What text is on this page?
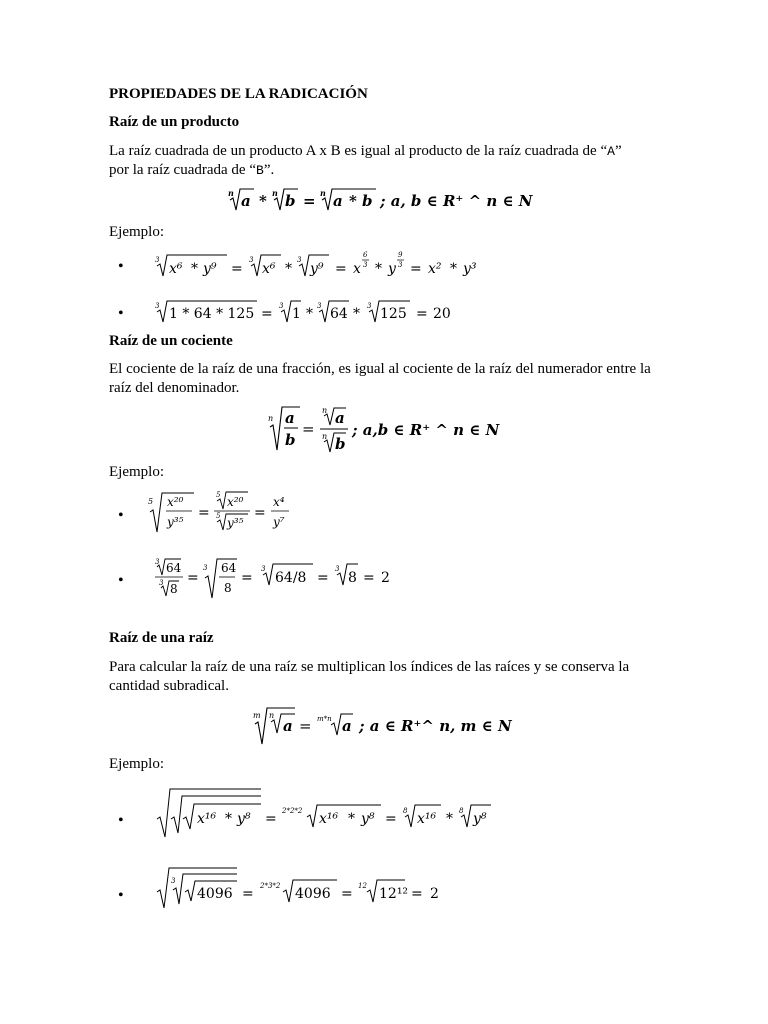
PROPIEDADES DE LA RADICACIÓN
Raíz de un producto
La raíz cuadrada de un producto A x B es igual al producto de la raíz cuadrada de “A”
por la raíz cuadrada de “B”.
n a * n b = n a * b ; a, b ∈ R⁺ ^ n ∈ N
Ejemplo:
•	3
x⁶ * y⁹ =
3
x⁶ *
3
y⁹ = x
6
3 * y
9
3 = x² * y³
•	3 1 * 64 * 125 = 3 1 * 3 64 * 3 125 = 20
Raíz de un cociente
El cociente de la raíz de una fracción, es igual al cociente de la raíz del numerador entre la raíz del denominador.
n a
b
=
n a
n b
; a,b ∈ R⁺ ^ n ∈ N
Ejemplo:
•
5 x²⁰
y³⁵
=
5 x²⁰
5 y³⁵
=
x⁴
y⁷
•
3 64
3 8
=
3 64
8
=
3
64/8 =
3
8 = 2
Raíz de una raíz
Para calcular la raíz de una raíz se multiplican los índices de las raíces y se conserva la cantidad subradical.
m n
a = m*n a ; a ∈ R⁺^ n, m ∈ N
Ejemplo:
•	x¹⁶ * y⁸ = 2*2*2 x¹⁶ * y⁸ = 8 x¹⁶ * 8 y⁸
•
3
4096 = 2*3*2 4096 = 12 12¹² = 2
